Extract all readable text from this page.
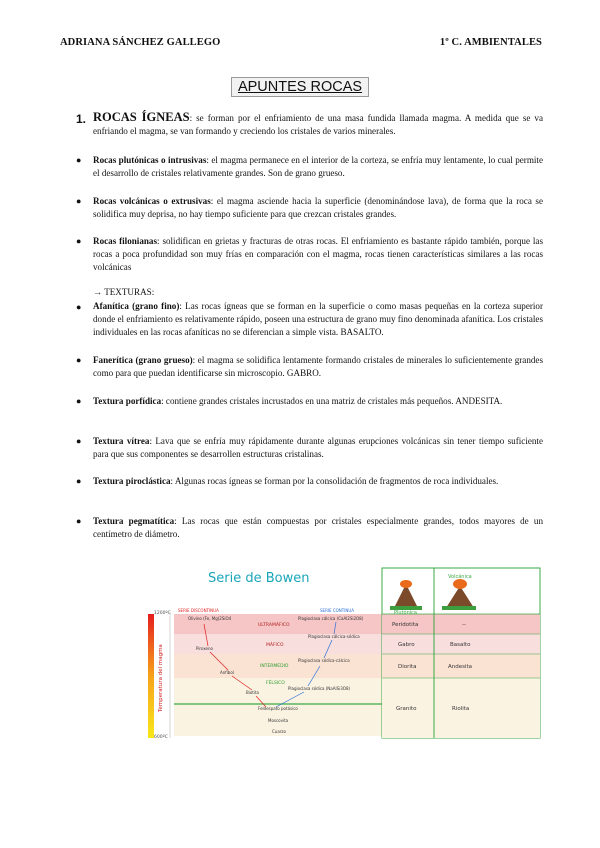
ADRIANA SÁNCHEZ GALLEGO	1º C. AMBIENTALES
APUNTES ROCAS
1. ROCAS ÍGNEAS: se forman por el enfriamiento de una masa fundida llamada magma. A medida que se va enfriando el magma, se van formando y creciendo los cristales de varios minerales.
● Rocas plutónicas o intrusivas: el magma permanece en el interior de la corteza, se enfría muy lentamente, lo cual permite el desarrollo de cristales relativamente grandes. Son de grano grueso.
● Rocas volcánicas o extrusivas: el magma asciende hacia la superficie (denominándose lava), de forma que la roca se solidifica muy deprisa, no hay tiempo suficiente para que crezcan cristales grandes.
● Rocas filonianas: solidifican en grietas y fracturas de otras rocas. El enfriamiento es bastante rápido también, porque las rocas a poca profundidad son muy frías en comparación con el magma, rocas tienen características similares a las rocas volcánicas
→ TEXTURAS:
● Afanítica (grano fino): Las rocas ígneas que se forman en la superficie o como masas pequeñas en la corteza superior donde el enfriamiento es relativamente rápido, poseen una estructura de grano muy fino denominada afanítica. Los cristales individuales en las rocas afaníticas no se diferencian a simple vista. BASALTO.
● Fanerítica (grano grueso): el magma se solidifica lentamente formando cristales de minerales lo suficientemente grandes como para que puedan identificarse sin microscopio. GABRO.
● Textura porfídica: contiene grandes cristales incrustados en una matriz de cristales más pequeños. ANDESITA.
● Textura vítrea: Lava que se enfría muy rápidamente durante algunas erupciones volcánicas sin tener tiempo suficiente para que sus componentes se desarrollen estructuras cristalinas.
● Textura piroclástica: Algunas rocas ígneas se forman por la consolidación de fragmentos de roca individuales.
● Textura pegmatítica: Las rocas que están compuestas por cristales especialmente grandes, todos mayores de un centímetro de diámetro.
Serie de Bowen
Temperatura del magma
1200ºC
600ºC
SERIE DISCONTINUA	SERIE CONTINUA
ULTRAMÁFICO
MÁFICO
INTERMEDIO
FÉLSICO
Olivino (Fe, Mg)2SiO4
Piroxeno
Anfíbol
Biotita
Plagioclasa cálcica (CaAl2Si2O8)
Plagioclasa cálcica-sódica
Plagioclasa sódica-cálcica
Plagioclasa sódica (NaAlSi3O8)
Feldespato potásico
Moscovita
Cuarzo
Plutónica
Volcánica
Peridotita	--
Gabro	Basalto
Diorita	Andesita
Granito	Riolita
